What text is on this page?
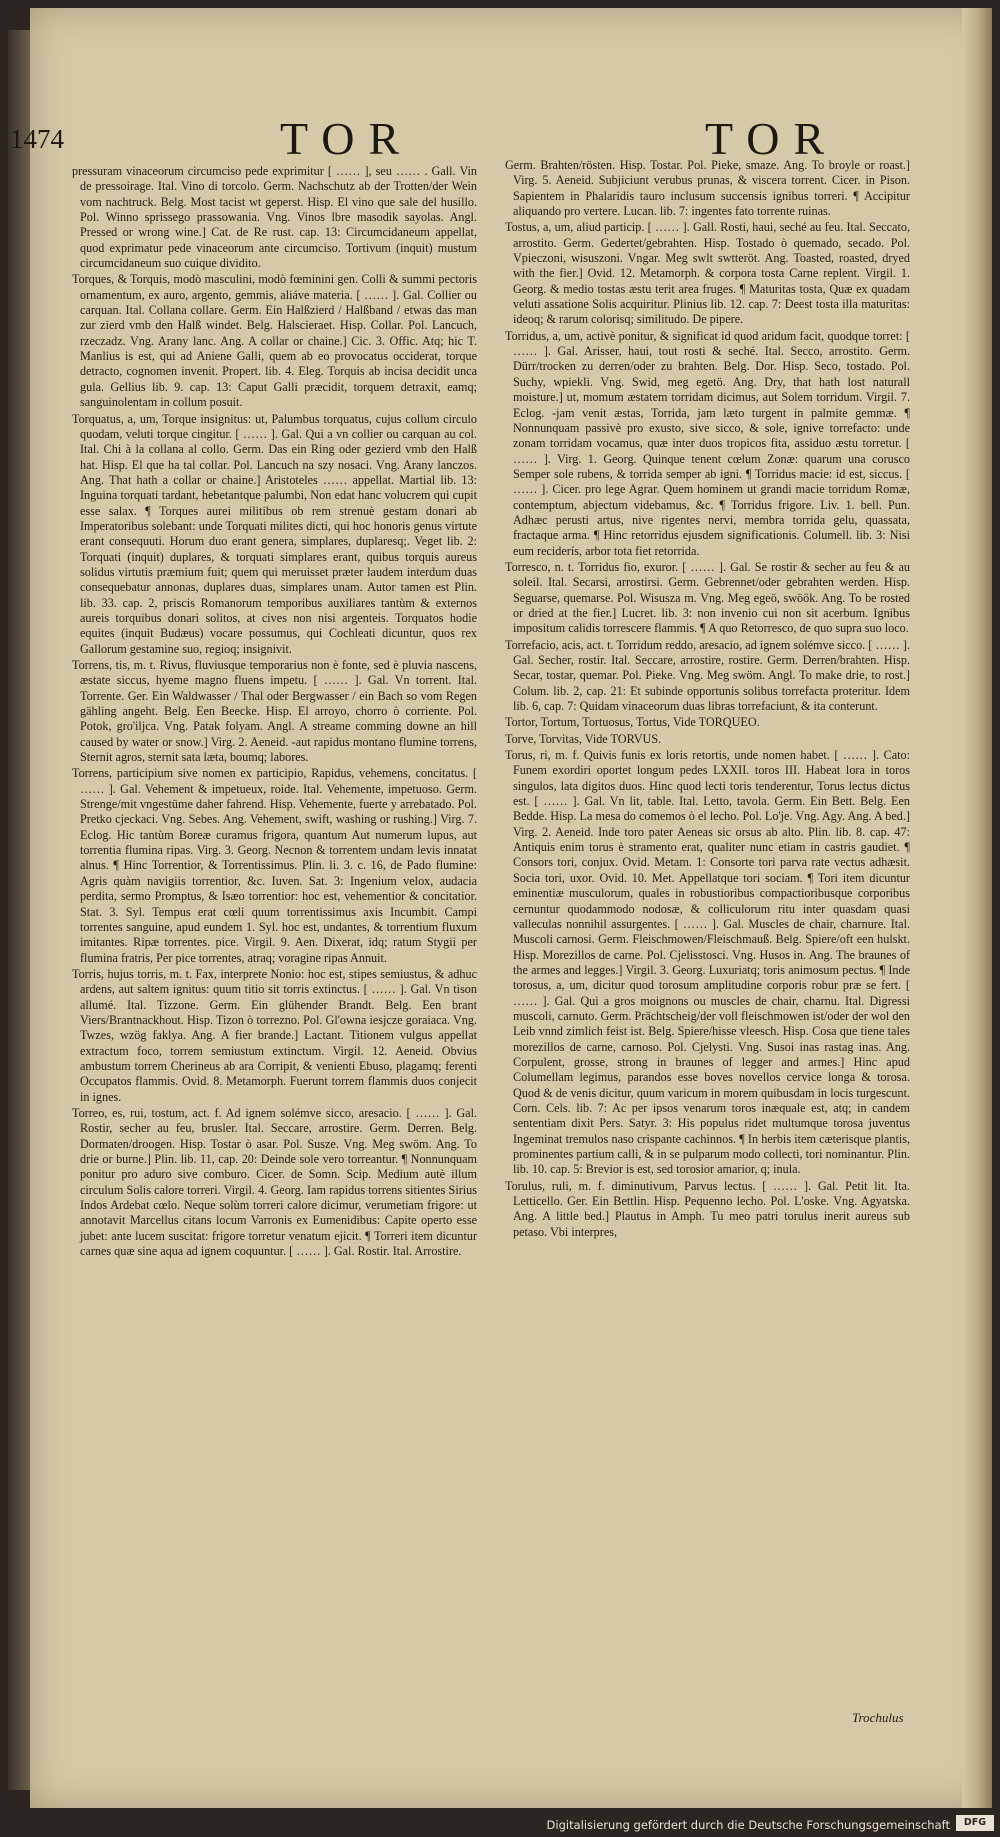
1474	TOR	TOR

pressuram vinaceorum circumciso pede exprimitur [ …… ], seu …… . Gall. Vin de pressoirage. Ital. Vino di torcolo. Germ. Nachschutz ab der Trotten/der Wein vom nachtruck. Belg. Most tacist wt geperst. Hisp. El vino que sale del husillo. Pol. Winno sprissego prassowania. Vng. Vinos lbre masodik sayolas. Angl. Pressed or wrong wine.] Cat. de Re rust. cap. 13: Circumcidaneum appellat, quod exprimatur pede vinaceorum ante circumciso. Tortivum (inquit) mustum circumcidaneum suo cuique dividito.

Torques, & Torquis, modò masculini, modò fœminini gen. Colli & summi pectoris ornamentum, ex auro, argento, gemmis, aliáve materia. [ …… ]. Gal. Collier ou carquan. Ital. Collana collare. Germ. Ein Halßzierd / Halßband / etwas das man zur zierd vmb den Halß windet. Belg. Halscieraet. Hisp. Collar. Pol. Lancuch, rzeczadz. Vng. Arany lanc. Ang. A collar or chaine.] Cic. 3. Offic. Atq; hic T. Manlius is est, qui ad Aniene Galli, quem ab eo provocatus occiderat, torque detracto, cognomen invenit. Propert. lib. 4. Eleg. Torquis ab incisa decidit unca gula. Gellius lib. 9. cap. 13: Caput Galli præcidit, torquem detraxit, eamq; sanguinolentam in collum posuit.

Torquatus, a, um, Torque insignitus: ut, Palumbus torquatus, cujus collum circulo quodam, veluti torque cingitur. [ …… ]. Gal. Qui a vn collier ou carquan au col. Ital. Chi à la collana al collo. Germ. Das ein Ring oder gezierd vmb den Halß hat. Hisp. El que ha tal collar. Pol. Lancuch na szy nosaci. Vng. Arany lanczos. Ang. That hath a collar or chaine.] Aristoteles …… appellat. Martial lib. 13: Inguina torquati tardant, hebetantque palumbi, Non edat hanc volucrem qui cupit esse salax. ¶ Torques aurei militibus ob rem strenuè gestam donari ab Imperatoribus solebant: unde Torquati milites dicti, qui hoc honoris genus virtute erant consequuti. Horum duo erant genera, simplares, duplaresq;. Veget lib. 2: Torquati (inquit) duplares, & torquati simplares erant, quibus torquis aureus solidus virtutis præmium fuit; quem qui meruisset præter laudem interdum duas consequebatur annonas, duplares duas, simplares unam. Autor tamen est Plin. lib. 33. cap. 2, priscis Romanorum temporibus auxiliares tantùm & externos aureis torquibus donari solitos, at cives non nisi argenteis. Torquatos hodie equites (inquit Budæus) vocare possumus, qui Cochleati dicuntur, quos rex Gallorum gestamine suo, regioq; insignivit.

Torrens, tis, m. t. Rivus, fluviusque temporarius non è fonte, sed è pluvia nascens, æstate siccus, hyeme magno fluens impetu. [ …… ]. Gal. Vn torrent. Ital. Torrente. Ger. Ein Waldwasser / Thal oder Bergwasser / ein Bach so vom Regen gähling angeht. Belg. Een Beecke. Hisp. El arroyo, chorro ò corriente. Pol. Potok, gro'iljca. Vng. Patak folyam. Angl. A streame comming downe an hill caused by water or snow.] Virg. 2. Aeneid. -aut rapidus montano flumine torrens, Sternit agros, sternit sata læta, boumq; labores.

Torrens, participium sive nomen ex participio, Rapidus, vehemens, concitatus. [ …… ]. Gal. Vehement & impetueux, roide. Ital. Vehemente, impetuoso. Germ. Strenge/mit vngestüme daher fahrend. Hisp. Vehemente, fuerte y arrebatado. Pol. Pretko cjeckaci. Vng. Sebes. Ang. Vehement, swift, washing or rushing.] Virg. 7. Eclog. Hic tantùm Boreæ curamus frigora, quantum Aut numerum lupus, aut torrentia flumina ripas. Virg. 3. Georg. Necnon & torrentem undam levis innatat alnus. ¶ Hinc Torrentior, & Torrentissimus. Plin. li. 3. c. 16, de Pado flumine: Agris quàm navigiis torrentior, &c. Iuven. Sat. 3: Ingenium velox, audacia perdita, sermo Promptus, & Isæo torrentior: hoc est, vehementior & concitatior. Stat. 3. Syl. Tempus erat cœli quum torrentissimus axis Incumbit. Campi torrentes sanguine, apud eundem 1. Syl. hoc est, undantes, & torrentium fluxum imitantes. Ripæ torrentes. pice. Virgil. 9. Aen. Dixerat, idq; ratum Stygii per flumina fratris, Per pice torrentes, atraq; voragine ripas Annuit.

Torris, hujus torris, m. t. Fax, interprete Nonio: hoc est, stipes semiustus, & adhuc ardens, aut saltem ignitus: quum titio sit torris extinctus. [ …… ]. Gal. Vn tison allumé. Ital. Tizzone. Germ. Ein glühender Brandt. Belg. Een brant Viers/Brantnackhout. Hisp. Tizon ò torrezno. Pol. Gl'owna iesjcze goraiaca. Vng. Twzes, wzög faklya. Ang. A fier brande.] Lactant. Titionem vulgus appellat extractum foco, torrem semiustum extinctum. Virgil. 12. Aeneid. Obvius ambustum torrem Cherineus ab ara Corripit, & venienti Ebuso, plagamq; ferenti Occupatos flammis. Ovid. 8. Metamorph. Fuerunt torrem flammis duos conjecit in ignes.

Torreo, es, rui, tostum, act. f. Ad ignem solémve sicco, aresacio. [ …… ]. Gal. Rostir, secher au feu, brusler. Ital. Seccare, arrostire. Germ. Derren. Belg. Dormaten/droogen. Hisp. Tostar ò asar. Pol. Susze. Vng. Meg swöm. Ang. To drie or burne.] Plin. lib. 11, cap. 20: Deinde sole vero torreantur. ¶ Nonnunquam ponitur pro aduro sive comburo. Cicer. de Somn. Scip. Medium autè illum circulum Solis calore torreri. Virgil. 4. Georg. Iam rapidus torrens sitientes Sirius Indos Ardebat cœlo. Neque solùm torreri calore dicimur, verumetiam frigore: ut annotavit Marcellus citans locum Varronis ex Eumenidibus: Capite operto esse jubet: ante lucem suscitat: frigore torretur venatum ejicit. ¶ Torreri item dicuntur carnes quæ sine aqua ad ignem coquuntur. [ …… ]. Gal. Rostir. Ital. Arrostire.

Germ. Brahten/rösten. Hisp. Tostar. Pol. Pieke, smaze. Ang. To broyle or roast.] Virg. 5. Aeneid. Subjiciunt verubus prunas, & viscera torrent. Cicer. in Pison. Sapientem in Phalaridis tauro inclusum succensis ignibus torreri. ¶ Accipitur aliquando pro vertere. Lucan. lib. 7: ingentes fato torrente ruinas.

Tostus, a, um, aliud particip. [ …… ]. Gall. Rosti, haui, seché au feu. Ital. Seccato, arrostito. Germ. Gedertet/gebrahten. Hisp. Tostado ò quemado, secado. Pol. Vpieczoni, wisuszoni. Vngar. Meg swlt swtteröt. Ang. Toasted, roasted, dryed with the fier.] Ovid. 12. Metamorph. & corpora tosta Carne replent. Virgil. 1. Georg. & medio tostas æstu terit area fruges. ¶ Maturitas tosta, Quæ ex quadam veluti assatione Solis acquiritur. Plinius lib. 12. cap. 7: Deest tosta illa maturitas: ideoq; & rarum colorisq; similitudo. De pipere.

Torridus, a, um, activè ponitur, & significat id quod aridum facit, quodque torret: [ …… ]. Gal. Arisser, haui, tout rosti & seché. Ital. Secco, arrostito. Germ. Dürr/trocken zu derren/oder zu brahten. Belg. Dor. Hisp. Seco, tostado. Pol. Suchy, wpiekli. Vng. Swid, meg egetö. Ang. Dry, that hath lost naturall moisture.] ut, momum æstatem torridam dicimus, aut Solem torridum. Virgil. 7. Eclog. -jam venit æstas, Torrida, jam læto turgent in palmite gemmæ. ¶ Nonnunquam passivè pro exusto, sive sicco, & sole, ignive torrefacto: unde zonam torridam vocamus, quæ inter duos tropicos fita, assiduo æstu torretur. [ …… ]. Virg. 1. Georg. Quinque tenent cœlum Zonæ: quarum una corusco Semper sole rubens, & torrida semper ab igni. ¶ Torridus macie: id est, siccus. [ …… ]. Cicer. pro lege Agrar. Quem hominem ut grandi macie torridum Romæ, contemptum, abjectum videbamus, &c. ¶ Torridus frigore. Liv. 1. bell. Pun. Adhæc perusti artus, nive rigentes nervi, membra torrida gelu, quassata, fractaque arma. ¶ Hinc retorridus ejusdem significationis. Columell. lib. 3: Nisi eum reciderís, arbor tota fiet retorrida.

Torresco, n. t. Torridus fio, exuror. [ …… ]. Gal. Se rostir & secher au feu & au soleil. Ital. Secarsi, arrostirsi. Germ. Gebrennet/oder gebrahten werden. Hisp. Seguarse, quemarse. Pol. Wisusza m. Vng. Meg egeö, swöök. Ang. To be rosted or dried at the fier.] Lucret. lib. 3: non invenio cui non sit acerbum. Ignibus impositum calidis torrescere flammis. ¶ A quo Retorresco, de quo supra suo loco.

Torrefacio, acis, act. t. Torridum reddo, aresacio, ad ignem solémve sicco. [ …… ]. Gal. Secher, rostir. Ital. Seccare, arrostire, rostire. Germ. Derren/brahten. Hisp. Secar, tostar, quemar. Pol. Pieke. Vng. Meg swöm. Angl. To make drie, to rost.] Colum. lib. 2, cap. 21: Et subinde opportunis solibus torrefacta proteritur. Idem lib. 6, cap. 7: Quidam vinaceorum duas libras torrefaciunt, & ita conterunt.

Tortor, Tortum, Tortuosus, Tortus, Vide TORQUEO.

Torve, Torvitas, Vide TORVUS.

Torus, ri, m. f. Quivis funis ex loris retortis, unde nomen habet. [ …… ]. Cato: Funem exordiri oportet longum pedes LXXII. toros III. Habeat lora in toros singulos, lata digitos duos. Hinc quod lecti toris tenderentur, Torus lectus dictus est. [ …… ]. Gal. Vn lit, table. Ital. Letto, tavola. Germ. Ein Bett. Belg. Een Bedde. Hisp. La mesa do comemos ò el lecho. Pol. Lo'je. Vng. Agy. Ang. A bed.] Virg. 2. Aeneid. Inde toro pater Aeneas sic orsus ab alto. Plin. lib. 8. cap. 47: Antiquis enim torus è stramento erat, qualiter nunc etiam in castris gaudiet. ¶ Consors tori, conjux. Ovid. Metam. 1: Consorte tori parva rate vectus adhæsit. Socia tori, uxor. Ovid. 10. Met. Appellatque tori sociam. ¶ Tori item dicuntur eminentiæ musculorum, quales in robustioribus compactioribusque corporibus cernuntur quodammodo nodosæ, & colliculorum ritu inter quasdam quasi valleculas nonnihil assurgentes. [ …… ]. Gal. Muscles de chair, charnure. Ital. Muscoli carnosi. Germ. Fleischmowen/Fleischmauß. Belg. Spiere/oft een hulskt. Hisp. Morezillos de carne. Pol. Cjelisstosci. Vng. Husos in. Ang. The braunes of the armes and legges.] Virgil. 3. Georg. Luxuriatq; toris animosum pectus. ¶ Inde torosus, a, um, dicitur quod torosum amplitudine corporis robur præ se fert. [ …… ]. Gal. Qui a gros moignons ou muscles de chair, charnu. Ital. Digressi muscoli, carnuto. Germ. Prächtscheig/der voll fleischmowen ist/oder der wol den Leib vnnd zimlich feist ist. Belg. Spiere/hisse vleesch. Hisp. Cosa que tiene tales morezillos de carne, carnoso. Pol. Cjelysti. Vng. Susoi inas rastag inas. Ang. Corpulent, grosse, strong in braunes of legger and armes.] Hinc apud Columellam legimus, parandos esse boves novellos cervice longa & torosa. Quod & de venis dicitur, quum varicum in morem quibusdam in locis turgescunt. Corn. Cels. lib. 7: Ac per ipsos venarum toros inæquale est, atq; in candem sententiam dixit Pers. Satyr. 3: His populus ridet multumque torosa juventus Ingeminat tremulos naso crispante cachinnos. ¶ In herbis item cæterisque plantis, prominentes partium calli, & in se pulparum modo collecti, tori nominantur. Plin. lib. 10. cap. 5: Brevior is est, sed torosior amarior, q; inula.

Torulus, ruli, m. f. diminutivum, Parvus lectus. [ …… ]. Gal. Petit lit. Ita. Letticello. Ger. Ein Bettlin. Hisp. Pequenno lecho. Pol. L'oske. Vng. Agyatska. Ang. A little bed.] Plautus in Amph. Tu meo patri torulus inerit aureus sub petaso. Vbi interpres,

Trochulus
Digitalisierung gefördert durch die Deutsche Forschungsgemeinschaft	DFG
